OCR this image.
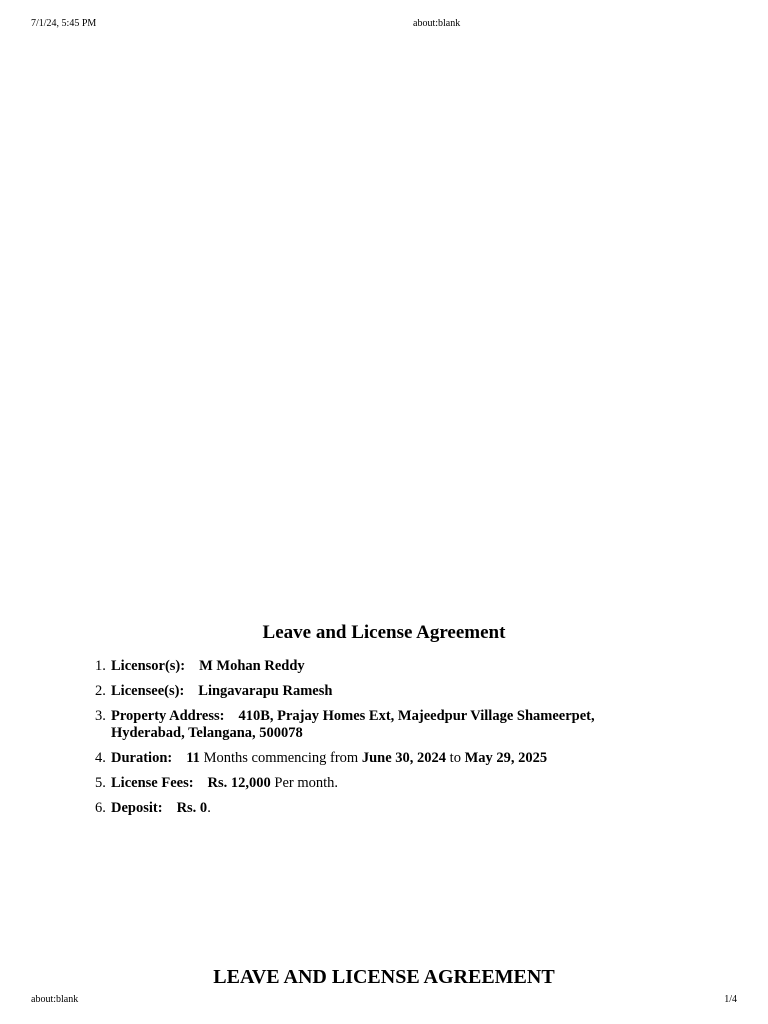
7/1/24, 5:45 PM	about:blank
Leave and License Agreement
1. Licensor(s): M Mohan Reddy
2. Licensee(s): Lingavarapu Ramesh
3. Property Address: 410B, Prajay Homes Ext, Majeedpur Village Shameerpet, Hyderabad, Telangana, 500078
4. Duration: 11 Months commencing from June 30, 2024 to May 29, 2025
5. License Fees: Rs. 12,000 Per month.
6. Deposit: Rs. 0.
LEAVE AND LICENSE AGREEMENT
about:blank	1/4
